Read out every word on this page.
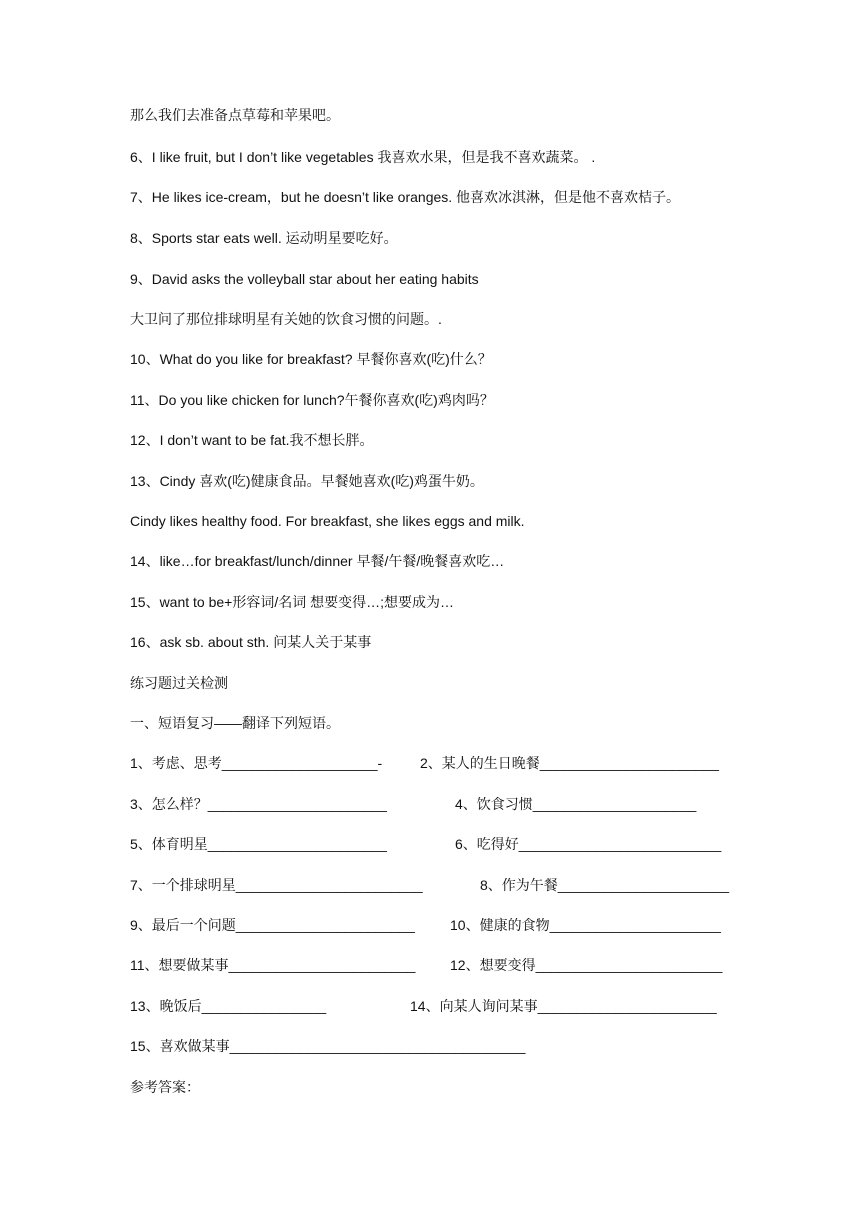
那么我们去准备点草莓和苹果吧。
6、I like fruit, but I don’t like vegetables 我喜欢水果，但是我不喜欢蔬菜。 .
7、He likes ice-cream，but he doesn’t like oranges. 他喜欢冰淇淋，但是他不喜欢桔子。
8、Sports star eats well. 运动明星要吃好。
9、David asks the volleyball star about her eating habits
大卫问了那位排球明星有关她的饮食习惯的问题。.
10、What do you like for breakfast? 早餐你喜欢(吃)什么？
11、Do you like chicken for lunch?午餐你喜欢(吃)鸡肉吗？
12、I don’t want to be fat.我不想长胖。
13、Cindy 喜欢(吃)健康食品。早餐她喜欢(吃)鸡蛋牛奶。
Cindy likes healthy food. For breakfast, she likes eggs and milk.
14、like…for breakfast/lunch/dinner 早餐/午餐/晚餐喜欢吃…
15、want to be+形容词/名词 想要变得…;想要成为…
16、ask sb. about sth. 问某人关于某事
练习题过关检测
一、短语复习——翻译下列短语。
1、考虑、思考____________________-	2、某人的生日晚餐_______________________
3、怎么样？_______________________	4、饮食习惯_____________________
5、体育明星_______________________	6、吃得好__________________________
7、一个排球明星________________________	8、作为午餐______________________
9、最后一个问题_______________________	10、健康的食物______________________
11、想要做某事________________________ 12、想要变得________________________
13、晚饭后________________	14、向某人询问某事_______________________
15、喜欢做某事______________________________________
参考答案：
